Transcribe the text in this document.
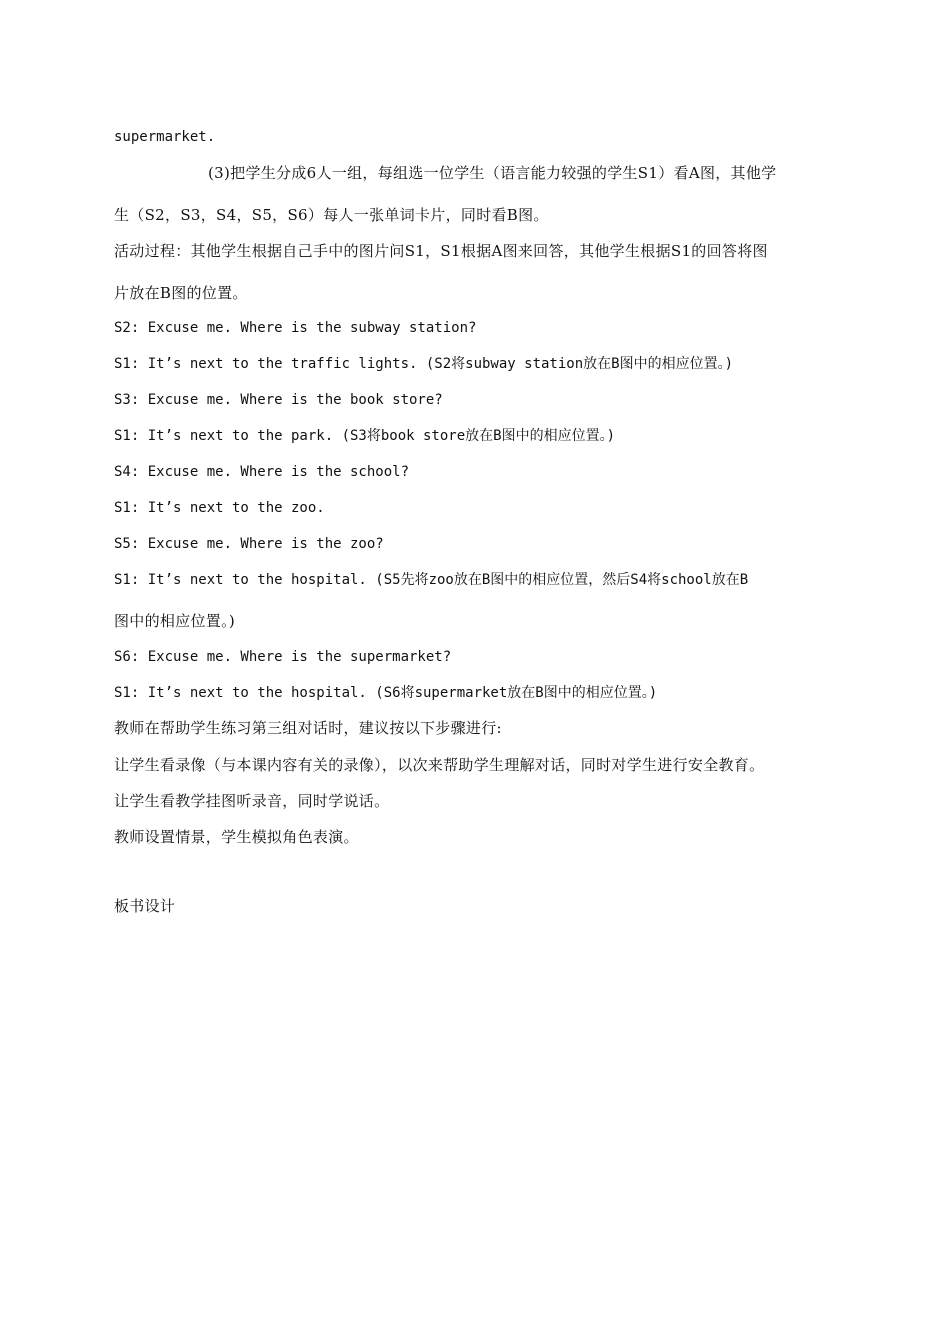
supermarket.
(3)把学生分成6人一组，每组选一位学生（语言能力较强的学生S1）看A图，其他学
生（S2，S3，S4，S5，S6）每人一张单词卡片，同时看B图。
活动过程：其他学生根据自己手中的图片问S1，S1根据A图来回答，其他学生根据S1的回答将图
片放在B图的位置。
S2: Excuse me. Where is the subway station?
S1: It’s next to the traffic lights. (S2将subway station放在B图中的相应位置。)
S3: Excuse me. Where is the book store?
S1: It’s next to the park. (S3将book store放在B图中的相应位置。)
S4: Excuse me. Where is the school?
S1: It’s next to the zoo.
S5: Excuse me. Where is the zoo?
S1: It’s next to the hospital. (S5先将zoo放在B图中的相应位置，然后S4将school放在B
图中的相应位置。)
S6: Excuse me. Where is the supermarket?
S1: It’s next to the hospital. (S6将supermarket放在B图中的相应位置。)
教师在帮助学生练习第三组对话时，建议按以下步骤进行:
让学生看录像（与本课内容有关的录像），以次来帮助学生理解对话，同时对学生进行安全教育。
让学生看教学挂图听录音，同时学说话。
教师设置情景，学生模拟角色表演。
板书设计
